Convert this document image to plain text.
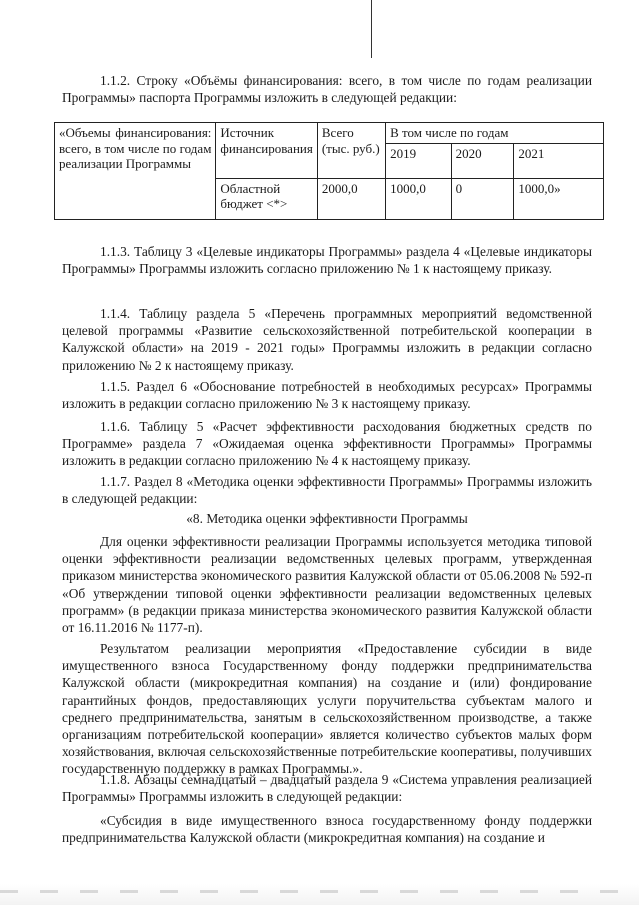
1.1.2. Строку «Объёмы финансирования: всего, в том числе по годам реализации Программы» паспорта Программы изложить в следующей редакции:

«Объемы финансирования: всего, в том числе по годам реализации Программы	Источник финансирования	Всего (тыс. руб.)	В том числе по годам		
			2019	2020	2021
	Областной бюджет <*>	2000,0	1000,0	0	1000,0»

1.1.3. Таблицу 3 «Целевые индикаторы Программы» раздела 4 «Целевые индикаторы Программы» Программы изложить согласно приложению № 1 к настоящему приказу.

1.1.4. Таблицу раздела 5 «Перечень программных мероприятий ведомственной целевой программы «Развитие сельскохозяйственной потребительской кооперации в Калужской области» на 2019 - 2021 годы» Программы изложить в редакции согласно приложению № 2 к настоящему приказу.

1.1.5. Раздел 6 «Обоснование потребностей в необходимых ресурсах» Программы изложить в редакции согласно приложению № 3 к настоящему приказу.

1.1.6. Таблицу 5 «Расчет эффективности расходования бюджетных средств по Программе» раздела 7 «Ожидаемая оценка эффективности Программы» Программы изложить в редакции согласно приложению № 4 к настоящему приказу.

1.1.7. Раздел 8 «Методика оценки эффективности Программы» Программы изложить в следующей редакции:

«8. Методика оценки эффективности Программы

Для оценки эффективности реализации Программы используется методика типовой оценки эффективности реализации ведомственных целевых программ, утвержденная приказом министерства экономического развития Калужской области от 05.06.2008 № 592-п «Об утверждении типовой оценки эффективности реализации ведомственных целевых программ» (в редакции приказа министерства экономического развития Калужской области от 16.11.2016 № 1177-п).

Результатом реализации мероприятия «Предоставление субсидии в виде имущественного взноса Государственному фонду поддержки предпринимательства Калужской области (микрокредитная компания) на создание и (или) фондирование гарантийных фондов, предоставляющих услуги поручительства субъектам малого и среднего предпринимательства, занятым в сельскохозяйственном производстве, а также организациям потребительской кооперации» является количество субъектов малых форм хозяйствования, включая сельскохозяйственные потребительские кооперативы, получивших государственную поддержку в рамках Программы.».

1.1.8. Абзацы семнадцатый – двадцатый раздела 9 «Система управления реализацией Программы» Программы изложить в следующей редакции:

«Субсидия в виде имущественного взноса государственному фонду поддержки предпринимательства Калужской области (микрокредитная компания) на создание и
